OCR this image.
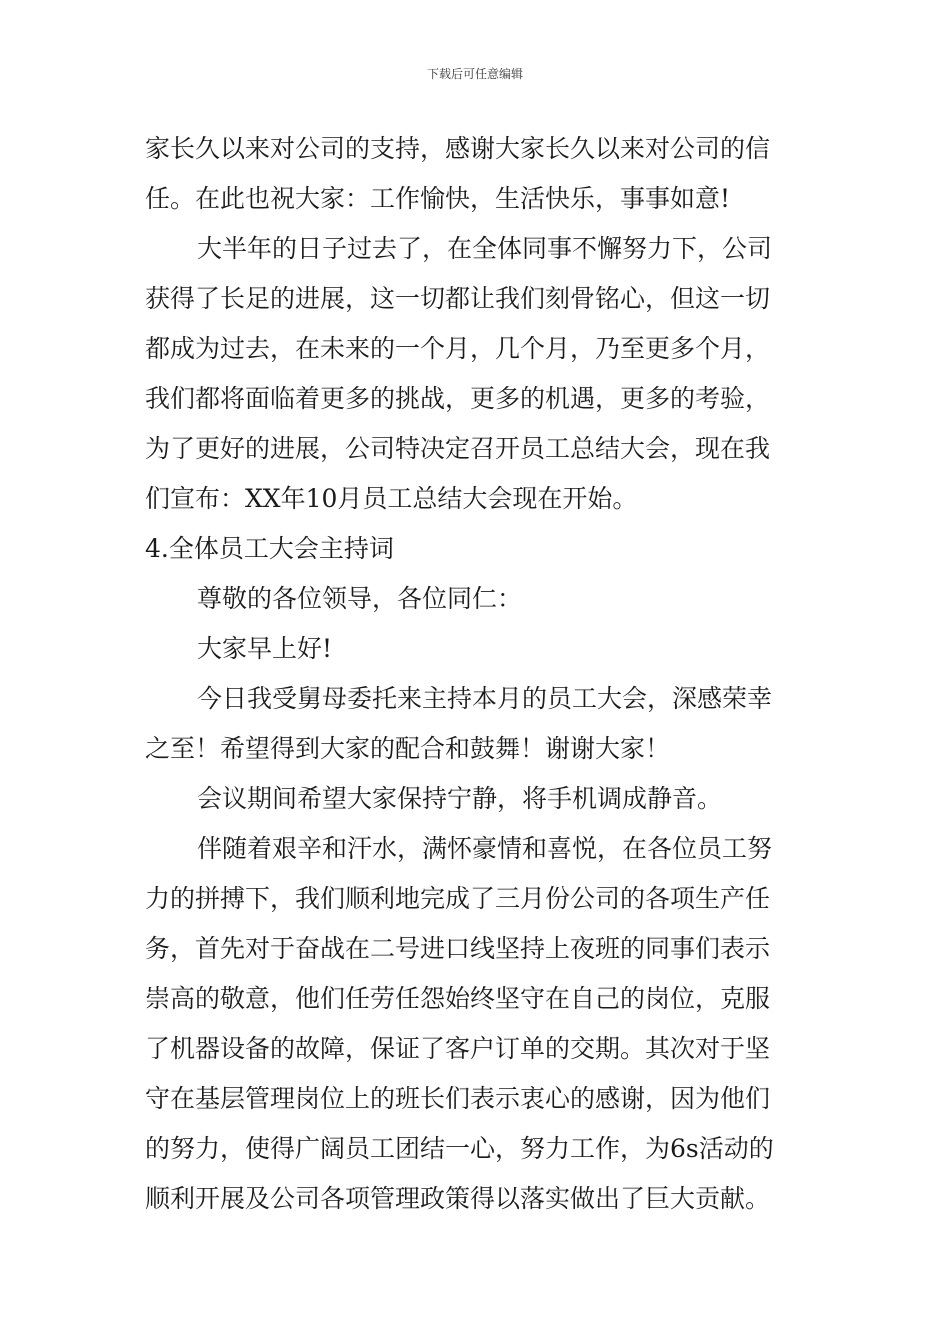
下载后可任意编辑
家长久以来对公司的支持，感谢大家长久以来对公司的信
任。在此也祝大家：工作愉快，生活快乐，事事如意!
大半年的日子过去了，在全体同事不懈努力下，公司
获得了长足的进展，这一切都让我们刻骨铭心，但这一切
都成为过去，在未来的一个月，几个月，乃至更多个月，
我们都将面临着更多的挑战，更多的机遇，更多的考验，
为了更好的进展，公司特决定召开员工总结大会，现在我
们宣布：XX年10月员工总结大会现在开始。
4.全体员工大会主持词
尊敬的各位领导，各位同仁：
大家早上好!
今日我受舅母委托来主持本月的员工大会，深感荣幸
之至！希望得到大家的配合和鼓舞！谢谢大家！
会议期间希望大家保持宁静，将手机调成静音。
伴随着艰辛和汗水，满怀豪情和喜悦，在各位员工努
力的拼搏下，我们顺利地完成了三月份公司的各项生产任
务，首先对于奋战在二号进口线坚持上夜班的同事们表示
崇高的敬意，他们任劳任怨始终坚守在自己的岗位，克服
了机器设备的故障，保证了客户订单的交期。其次对于坚
守在基层管理岗位上的班长们表示衷心的感谢，因为他们
的努力，使得广阔员工团结一心，努力工作，为6s活动的
顺利开展及公司各项管理政策得以落实做出了巨大贡献。
